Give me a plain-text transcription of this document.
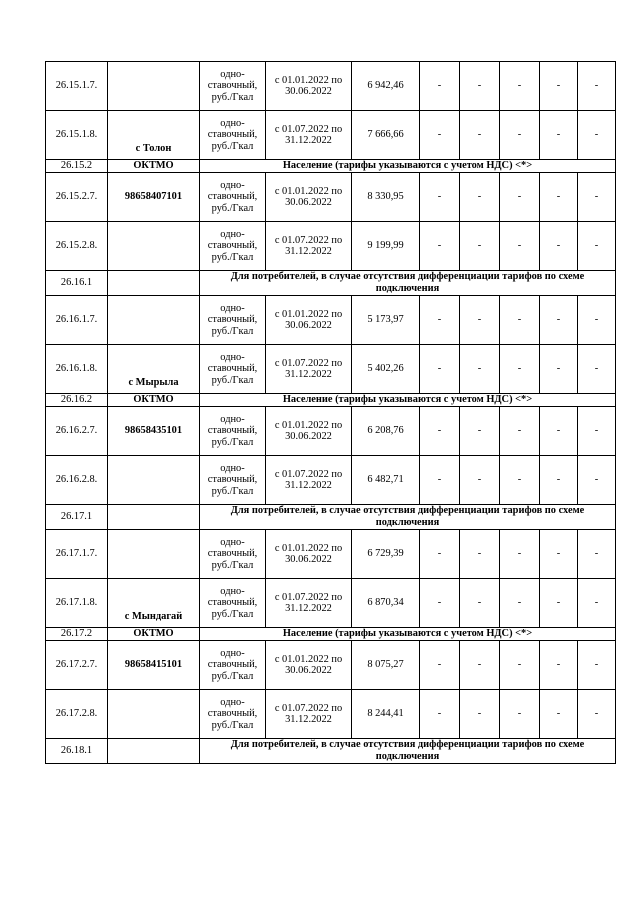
26.15.1.7.		одно-ставочный, руб./Гкал	с 01.01.2022 по 30.06.2022	6 942,46	-	-	-	-	-
26.15.1.8.	с Толон	одно-ставочный, руб./Гкал	с 01.07.2022 по 31.12.2022	7 666,66	-	-	-	-	-
26.15.2	ОКТМО	Население (тарифы указываются с учетом НДС) <*>							
26.15.2.7.	98658407101	одно-ставочный, руб./Гкал	с 01.01.2022 по 30.06.2022	8 330,95	-	-	-	-	-
26.15.2.8.		одно-ставочный, руб./Гкал	с 01.07.2022 по 31.12.2022	9 199,99	-	-	-	-	-
26.16.1		Для потребителей, в случае отсутствия дифференциации тарифов по схеме подключения							
26.16.1.7.		одно-ставочный, руб./Гкал	с 01.01.2022 по 30.06.2022	5 173,97	-	-	-	-	-
26.16.1.8.	с Мырыла	одно-ставочный, руб./Гкал	с 01.07.2022 по 31.12.2022	5 402,26	-	-	-	-	-
26.16.2	ОКТМО	Население (тарифы указываются с учетом НДС) <*>							
26.16.2.7.	98658435101	одно-ставочный, руб./Гкал	с 01.01.2022 по 30.06.2022	6 208,76	-	-	-	-	-
26.16.2.8.		одно-ставочный, руб./Гкал	с 01.07.2022 по 31.12.2022	6 482,71	-	-	-	-	-
26.17.1		Для потребителей, в случае отсутствия дифференциации тарифов по схеме подключения							
26.17.1.7.		одно-ставочный, руб./Гкал	с 01.01.2022 по 30.06.2022	6 729,39	-	-	-	-	-
26.17.1.8.	с Мындагай	одно-ставочный, руб./Гкал	с 01.07.2022 по 31.12.2022	6 870,34	-	-	-	-	-
26.17.2	ОКТМО	Население (тарифы указываются с учетом НДС) <*>							
26.17.2.7.	98658415101	одно-ставочный, руб./Гкал	с 01.01.2022 по 30.06.2022	8 075,27	-	-	-	-	-
26.17.2.8.		одно-ставочный, руб./Гкал	с 01.07.2022 по 31.12.2022	8 244,41	-	-	-	-	-
26.18.1		Для потребителей, в случае отсутствия дифференциации тарифов по схеме подключения							
